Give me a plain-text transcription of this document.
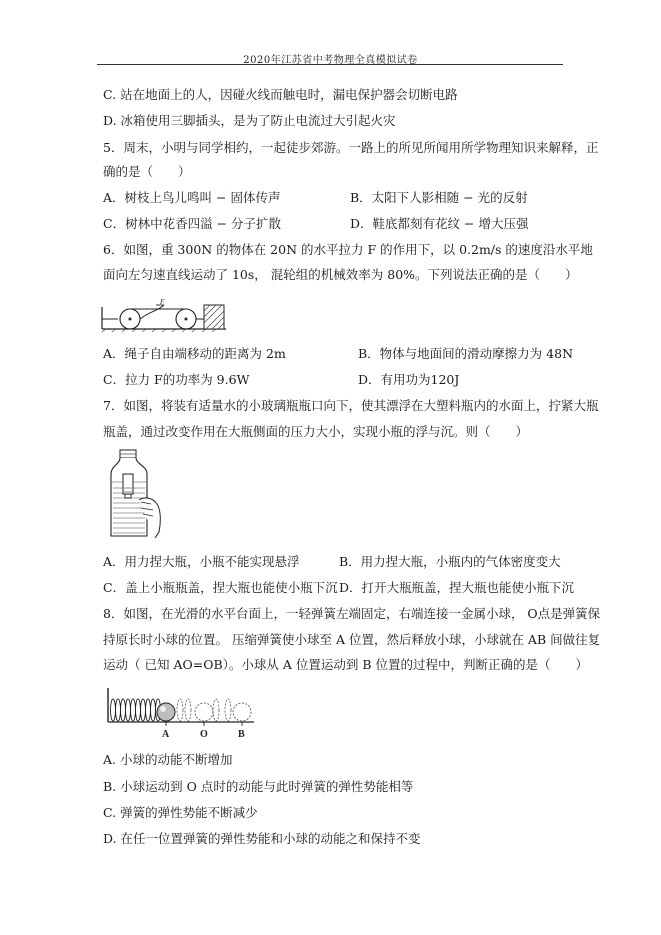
2020年江苏省中考物理全真模拟试卷
C. 站在地面上的人，因碰火线而触电时，漏电保护器会切断电路
D. 冰箱使用三脚插头，是为了防止电流过大引起火灾
5．周末，小明与同学相约，一起徒步郊游。一路上的所见所闻用所学物理知识来解释，正
确的是（　　）
A．树枝上鸟儿鸣叫 − 固体传声	B．太阳下人影相随 − 光的反射
C．树林中花香四溢 − 分子扩散	D．鞋底都刻有花纹 − 增大压强
6．如图，重 300N 的物体在 20N 的水平拉力 F 的作用下，以 0.2m/s 的速度沿水平地
面向左匀速直线运动了 10s， 混轮组的机械效率为 80%。下列说法正确的是（　　）
F
A．绳子自由端移动的距离为 2m	B．物体与地面间的滑动摩擦力为 48N
C．拉力 F的功率为 9.6W	D．有用功为120J
7．如图，将装有适量水的小玻璃瓶瓶口向下，使其漂浮在大塑料瓶内的水面上，拧紧大瓶
瓶盖，通过改变作用在大瓶侧面的压力大小，实现小瓶的浮与沉。则（　　）
A．用力捏大瓶，小瓶不能实现悬浮	B．用力捏大瓶，小瓶内的气体密度变大
C．盖上小瓶瓶盖，捏大瓶也能使小瓶下沉 D．打开大瓶瓶盖，捏大瓶也能使小瓶下沉
8．如图，在光滑的水平台面上，一轻弹簧左端固定，右端连接一金属小球， O点是弹簧保
持原长时小球的位置。 压缩弹簧使小球至 A 位置，然后释放小球，小球就在 AB 间做往复
运动（ 已知 AO=OB）。小球从 A 位置运动到 B 位置的过程中，判断正确的是（　　）
A	O	B
A. 小球的动能不断增加
B. 小球运动到 O 点时的动能与此时弹簧的弹性势能相等
C. 弹簧的弹性势能不断减少
D. 在任一位置弹簧的弹性势能和小球的动能之和保持不变
